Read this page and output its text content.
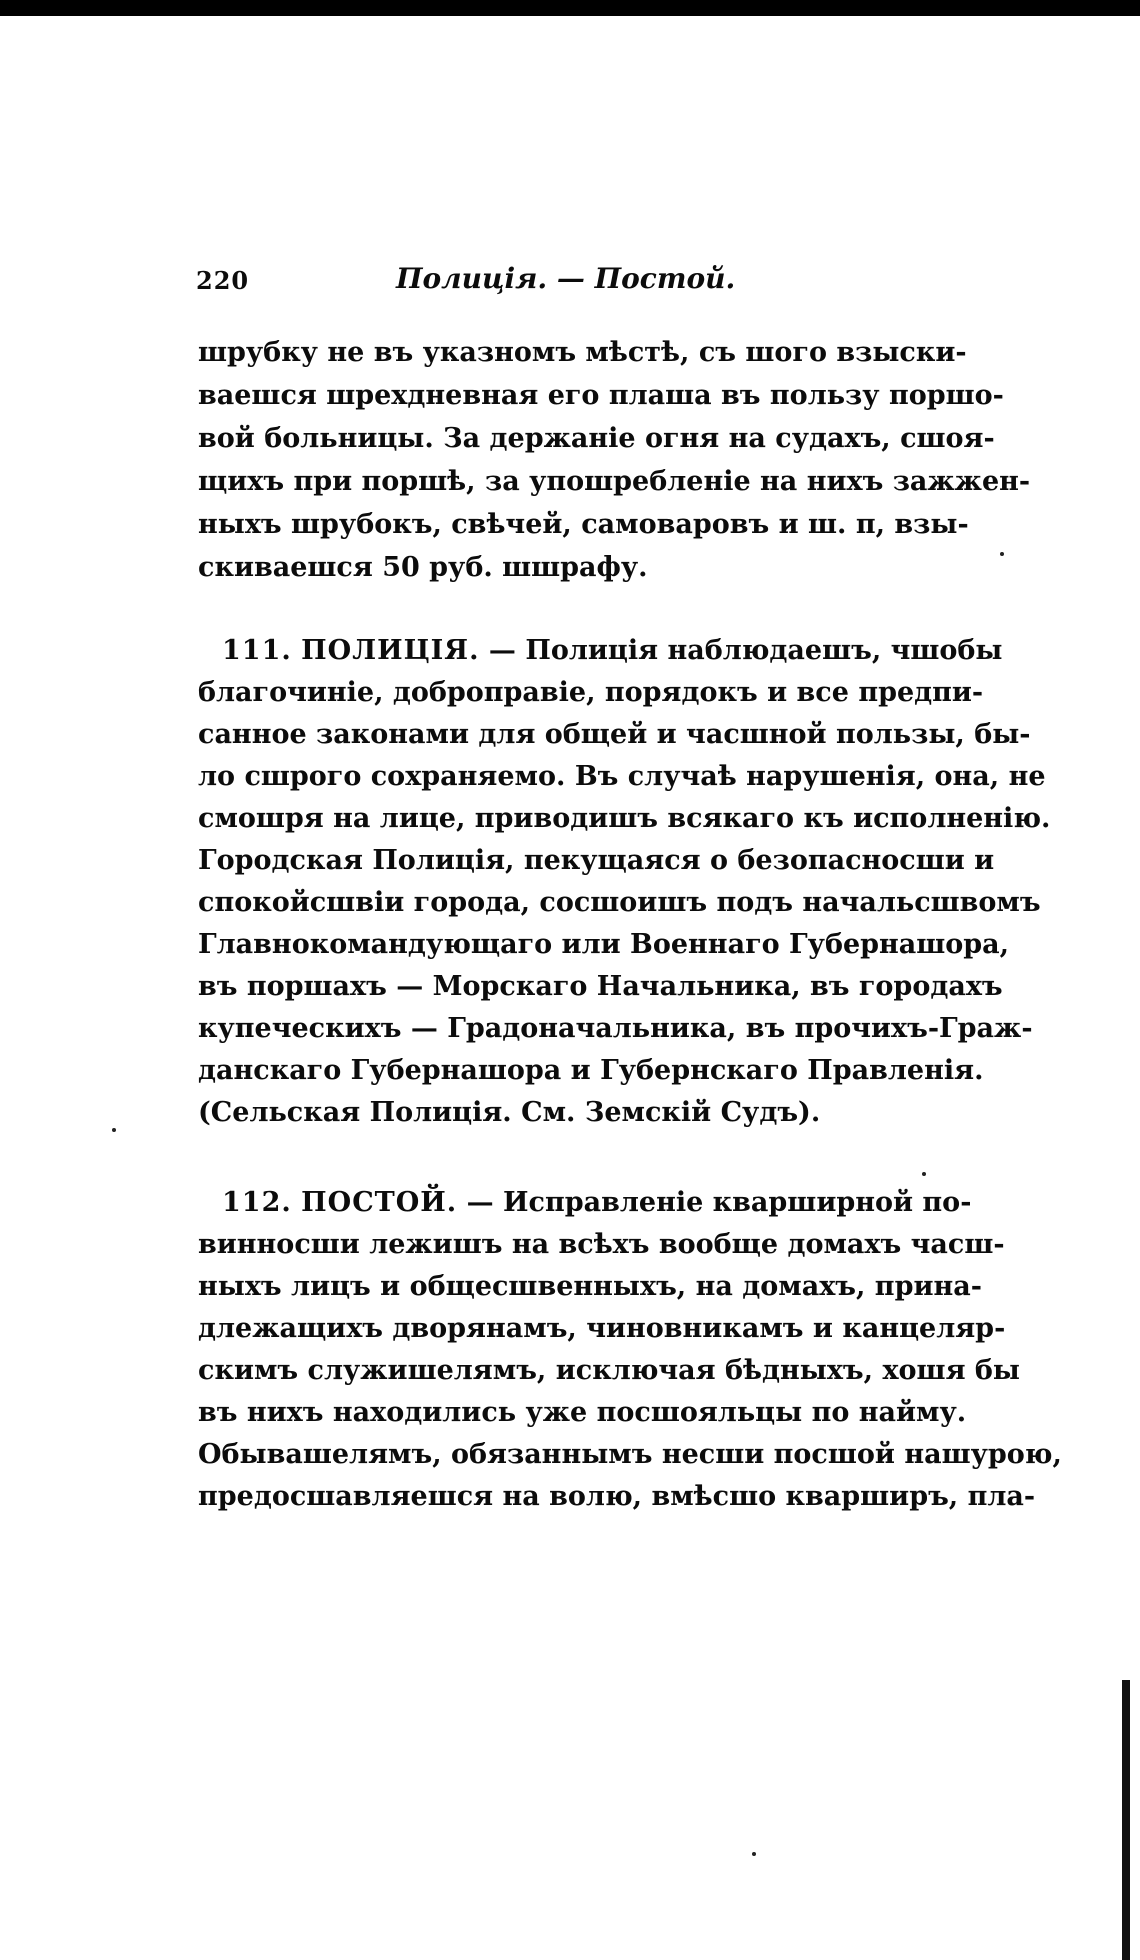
220	Полиція. — Постой.
шрубку не въ указномъ мѣстѣ, съ шого взыски-
ваешся шрехдневная его плаша въ пользу поршо-
вой больницы. За держаніе огня на судахъ, сшоя-
щихъ при поршѣ, за упошребленіе на нихъ зажжен-
ныхъ шрубокъ, свѣчей, самоваровъ и ш. п, взы-
скиваешся 50 руб. шшрафу.
111. ПОЛИЦІЯ. — Полиція наблюдаешъ, чшобы
благочиніе, доброправіе, порядокъ и все предпи-
санное законами для общей и часшной пользы, бы-
ло сшрого сохраняемо. Въ случаѣ нарушенія, она, не
смошря на лице, приводишъ всякаго къ исполненію.
Городская Полиція, пекущаяся о безопасноcши и
спокойсшвіи города, сосшоишъ подъ начальсшвомъ
Главнокомандующаго или Военнаго Губернашора,
въ поршахъ — Морскаго Начальника, въ городахъ
купеческихъ — Градоначальника, въ прочихъ-Граж-
данскаго Губернашора и Губернскаго Правленія.
(Сельская Полиція. См. Земскій Судъ).
112. ПОСТОЙ. — Исправленіе кварширной по-
винносши лежишъ на всѣхъ вообще домахъ часш-
ныхъ лицъ и общесшвенныхъ, на домахъ, прина-
длежащихъ дворянамъ, чиновникамъ и канцеляр-
скимъ служишелямъ, исключая бѣдныхъ, хошя бы
въ нихъ находились уже посшояльцы по найму.
Обывашелямъ, обязаннымъ несши посшой нашурою,
предосшавляешся на волю, вмѣсшо кварширъ, пла-
